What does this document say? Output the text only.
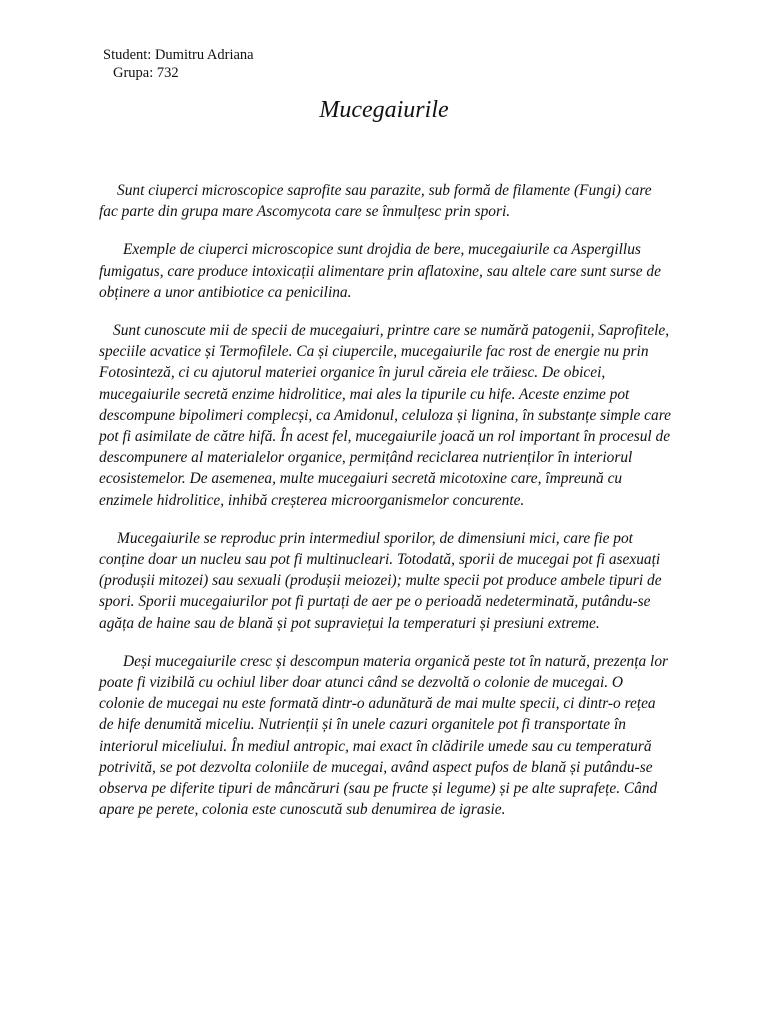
Student: Dumitru Adriana
Grupa: 732
Mucegaiurile

Sunt ciuperci microscopice saprofite sau parazite, sub formă de filamente (Fungi) care fac parte din grupa mare Ascomycota care se înmulțesc prin spori.

Exemple de ciuperci microscopice sunt drojdia de bere, mucegaiurile ca Aspergillus fumigatus, care produce intoxicații alimentare prin aflatoxine, sau altele care sunt surse de obținere a unor antibiotice ca penicilina.

Sunt cunoscute mii de specii de mucegaiuri, printre care se numără patogenii, Saprofitele, speciile acvatice și Termofilele. Ca și ciupercile, mucegaiurile fac rost de energie nu prin Fotosinteză, ci cu ajutorul materiei organice în jurul căreia ele trăiesc. De obicei, mucegaiurile secretă enzime hidrolitice, mai ales la tipurile cu hife. Aceste enzime pot descompune bipolimeri complecși, ca Amidonul, celuloza și lignina, în substanțe simple care pot fi asimilate de către hifă. În acest fel, mucegaiurile joacă un rol important în procesul de descompunere al materialelor organice, permițând reciclarea nutrienților în interiorul ecosistemelor. De asemenea, multe mucegaiuri secretă micotoxine care, împreună cu enzimele hidrolitice, inhibă creșterea microorganismelor concurente.

Mucegaiurile se reproduc prin intermediul sporilor, de dimensiuni mici, care fie pot conține doar un nucleu sau pot fi multinucleari. Totodată, sporii de mucegai pot fi asexuați (produșii mitozei) sau sexuali (produșii meiozei); multe specii pot produce ambele tipuri de spori. Sporii mucegaiurilor pot fi purtați de aer pe o perioadă nedeterminată, putându-se agăța de haine sau de blană și pot supraviețui la temperaturi și presiuni extreme.

Deși mucegaiurile cresc și descompun materia organică peste tot în natură, prezența lor poate fi vizibilă cu ochiul liber doar atunci când se dezvoltă o colonie de mucegai. O colonie de mucegai nu este formată dintr-o adunătură de mai multe specii, ci dintr-o rețea de hife denumită miceliu. Nutrienții și în unele cazuri organitele pot fi transportate în interiorul miceliului. În mediul antropic, mai exact în clădirile umede sau cu temperatură potrivită, se pot dezvolta coloniile de mucegai, având aspect pufos de blană și putându-se observa pe diferite tipuri de mâncăruri (sau pe fructe și legume) și pe alte suprafețe. Când apare pe perete, colonia este cunoscută sub denumirea de igrasie.
